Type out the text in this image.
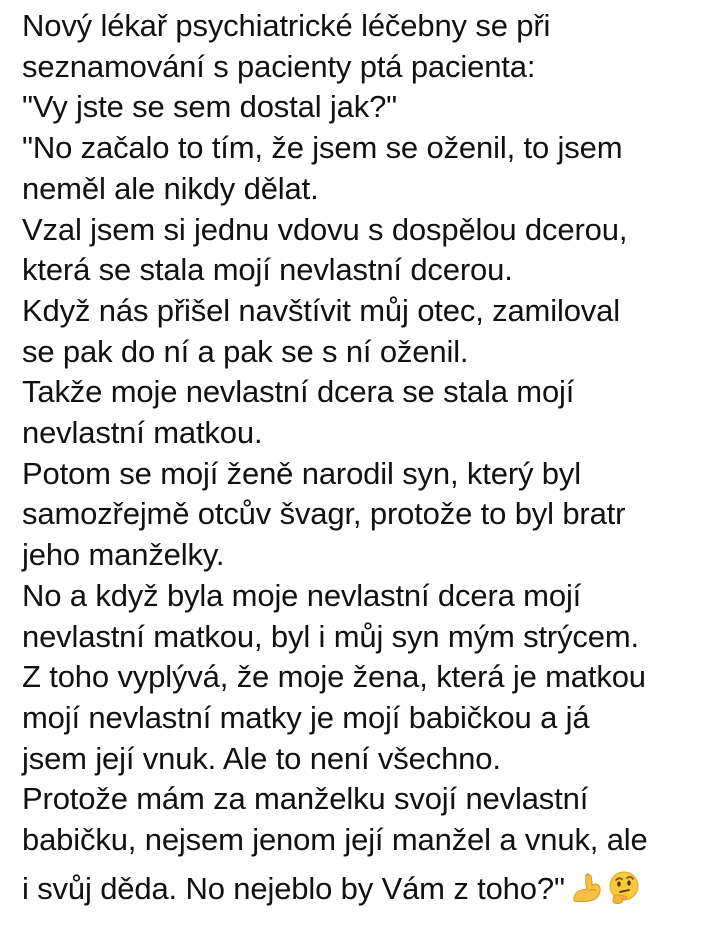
Nový lékař psychiatrické léčebny se při
seznamování s pacienty ptá pacienta:
"Vy jste se sem dostal jak?"
"No začalo to tím, že jsem se oženil, to jsem
neměl ale nikdy dělat.
Vzal jsem si jednu vdovu s dospělou dcerou,
která se stala mojí nevlastní dcerou.
Když nás přišel navštívit můj otec, zamiloval
se pak do ní a pak se s ní oženil.
Takže moje nevlastní dcera se stala mojí
nevlastní matkou.
Potom se mojí ženě narodil syn, který byl
samozřejmě otcův švagr, protože to byl bratr
jeho manželky.
No a když byla moje nevlastní dcera mojí
nevlastní matkou, byl i můj syn mým strýcem.
Z toho vyplývá, že moje žena, která je matkou
mojí nevlastní matky je mojí babičkou a já
jsem její vnuk. Ale to není všechno.
Protože mám za manželku svojí nevlastní
babičku, nejsem jenom její manžel a vnuk, ale
i svůj děda. No nejeblo by Vám z toho?"
